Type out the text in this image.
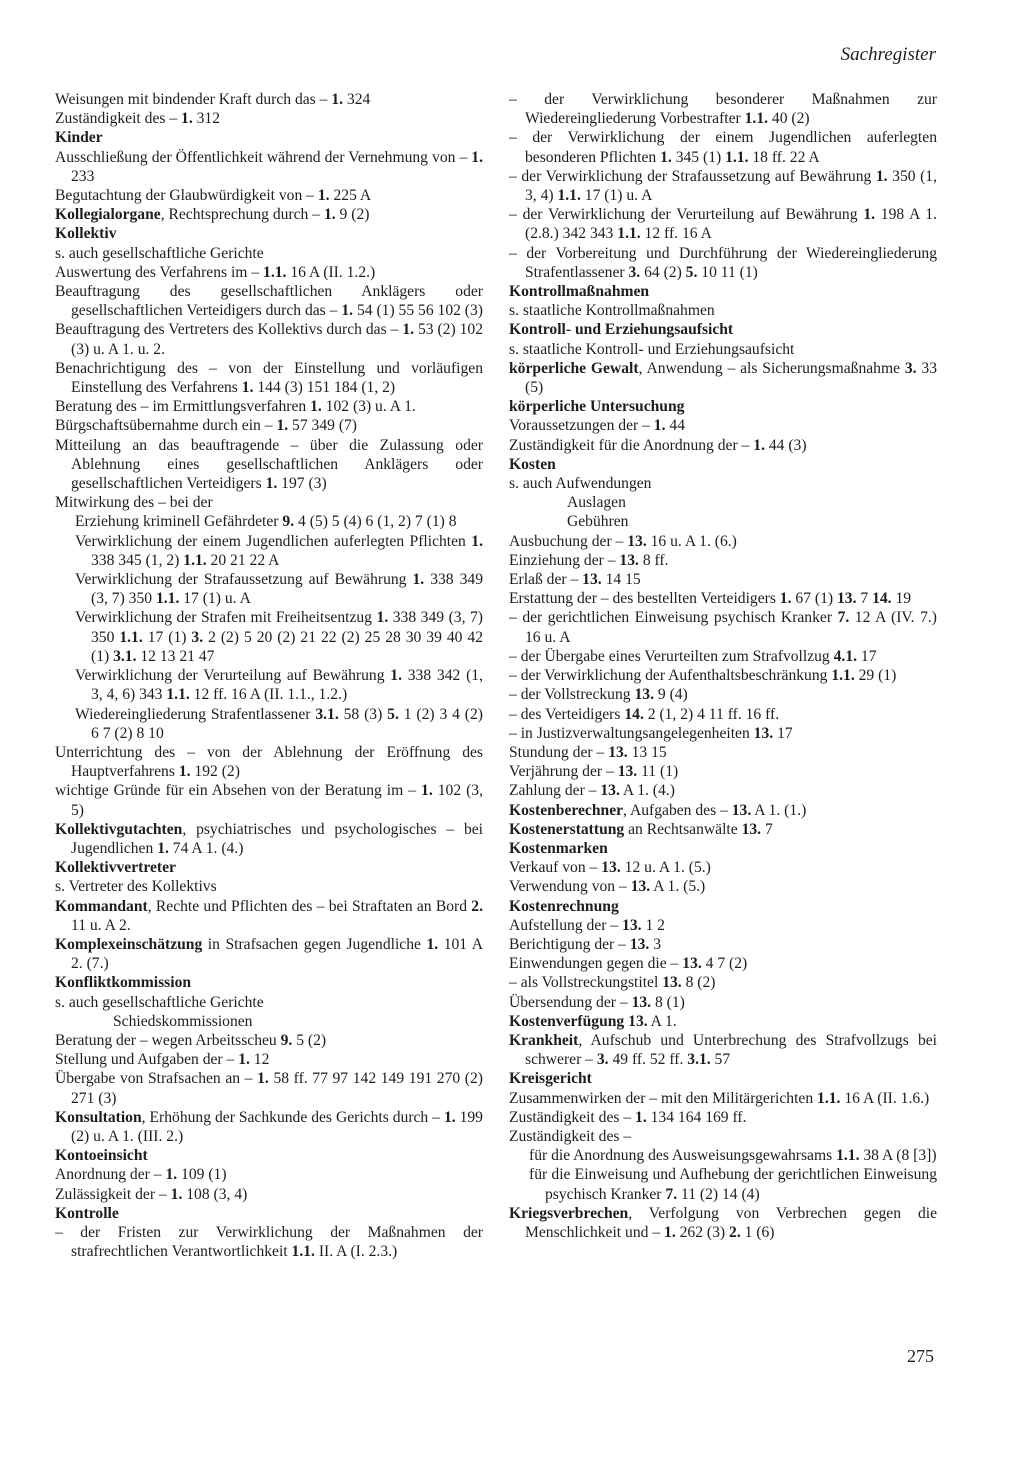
Sachregister
Weisungen mit bindender Kraft durch das – 1. 324
Zuständigkeit des – 1. 312
Kinder
Ausschließung der Öffentlichkeit während der Vernehmung von – 1. 233
Begutachtung der Glaubwürdigkeit von – 1. 225 A
Kollegialorgane, Rechtsprechung durch – 1. 9 (2)
Kollektiv
s. auch gesellschaftliche Gerichte
Auswertung des Verfahrens im – 1.1. 16 A (II. 1.2.)
Beauftragung des gesellschaftlichen Anklägers oder gesellschaftlichen Verteidigers durch das – 1. 54 (1) 55 56 102 (3)
Beauftragung des Vertreters des Kollektivs durch das – 1. 53 (2) 102 (3) u. A 1. u. 2.
Benachrichtigung des – von der Einstellung und vorläufigen Einstellung des Verfahrens 1. 144 (3) 151 184 (1, 2)
Beratung des – im Ermittlungsverfahren 1. 102 (3) u. A 1.
Bürgschaftsübernahme durch ein – 1. 57 349 (7)
Mitteilung an das beauftragende – über die Zulassung oder Ablehnung eines gesellschaftlichen Anklägers oder gesellschaftlichen Verteidigers 1. 197 (3)
Mitwirkung des – bei der
Erziehung kriminell Gefährdeter 9. 4 (5) 5 (4) 6 (1, 2) 7 (1) 8
Verwirklichung der einem Jugendlichen auferlegten Pflichten 1. 338 345 (1, 2) 1.1. 20 21 22 A
Verwirklichung der Strafaussetzung auf Bewährung 1. 338 349 (3, 7) 350 1.1. 17 (1) u. A
Verwirklichung der Strafen mit Freiheitsentzug 1. 338 349 (3, 7) 350 1.1. 17 (1) 3. 2 (2) 5 20 (2) 21 22 (2) 25 28 30 39 40 42 (1) 3.1. 12 13 21 47
Verwirklichung der Verurteilung auf Bewährung 1. 338 342 (1, 3, 4, 6) 343 1.1. 12 ff. 16 A (II. 1.1., 1.2.)
Wiedereingliederung Strafentlassener 3.1. 58 (3) 5. 1 (2) 3 4 (2) 6 7 (2) 8 10
Unterrichtung des – von der Ablehnung der Eröffnung des Hauptverfahrens 1. 192 (2)
wichtige Gründe für ein Absehen von der Beratung im – 1. 102 (3, 5)
Kollektivgutachten, psychiatrisches und psychologisches – bei Jugendlichen 1. 74 A 1. (4.)
Kollektivvertreter
s. Vertreter des Kollektivs
Kommandant, Rechte und Pflichten des – bei Straftaten an Bord 2. 11 u. A 2.
Komplexeinschätzung in Strafsachen gegen Jugendliche 1. 101 A 2. (7.)
Konfliktkommission
s. auch gesellschaftliche Gerichte
Schiedskommissionen
Beratung der – wegen Arbeitsscheu 9. 5 (2)
Stellung und Aufgaben der – 1. 12
Übergabe von Strafsachen an – 1. 58 ff. 77 97 142 149 191 270 (2) 271 (3)
Konsultation, Erhöhung der Sachkunde des Gerichts durch – 1. 199 (2) u. A 1. (III. 2.)
Kontoeinsicht
Anordnung der – 1. 109 (1)
Zulässigkeit der – 1. 108 (3, 4)
Kontrolle
– der Fristen zur Verwirklichung der Maßnahmen der strafrechtlichen Verantwortlichkeit 1.1. II. A (I. 2.3.)
– der Verwirklichung besonderer Maßnahmen zur Wiedereingliederung Vorbestrafter 1.1. 40 (2)
– der Verwirklichung der einem Jugendlichen auferlegten besonderen Pflichten 1. 345 (1) 1.1. 18 ff. 22 A
– der Verwirklichung der Strafaussetzung auf Bewährung 1. 350 (1, 3, 4) 1.1. 17 (1) u. A
– der Verwirklichung der Verurteilung auf Bewährung 1. 198 A 1. (2.8.) 342 343 1.1. 12 ff. 16 A
– der Vorbereitung und Durchführung der Wiedereingliederung Strafentlassener 3. 64 (2) 5. 10 11 (1)
Kontrollmaßnahmen
s. staatliche Kontrollmaßnahmen
Kontroll- und Erziehungsaufsicht
s. staatliche Kontroll- und Erziehungsaufsicht
körperliche Gewalt, Anwendung – als Sicherungsmaßnahme 3. 33 (5)
körperliche Untersuchung
Voraussetzungen der – 1. 44
Zuständigkeit für die Anordnung der – 1. 44 (3)
Kosten
s. auch Aufwendungen
Auslagen
Gebühren
Ausbuchung der – 13. 16 u. A 1. (6.)
Einziehung der – 13. 8 ff.
Erlaß der – 13. 14 15
Erstattung der – des bestellten Verteidigers 1. 67 (1) 13. 7 14. 19
– der gerichtlichen Einweisung psychisch Kranker 7. 12 A (IV. 7.) 16 u. A
– der Übergabe eines Verurteilten zum Strafvollzug 4.1. 17
– der Verwirklichung der Aufenthaltsbeschränkung 1.1. 29 (1)
– der Vollstreckung 13. 9 (4)
– des Verteidigers 14. 2 (1, 2) 4 11 ff. 16 ff.
– in Justizverwaltungsangelegenheiten 13. 17
Stundung der – 13. 13 15
Verjährung der – 13. 11 (1)
Zahlung der – 13. A 1. (4.)
Kostenberechner, Aufgaben des – 13. A 1. (1.)
Kostenerstattung an Rechtsanwälte 13. 7
Kostenmarken
Verkauf von – 13. 12 u. A 1. (5.)
Verwendung von – 13. A 1. (5.)
Kostenrechnung
Aufstellung der – 13. 1 2
Berichtigung der – 13. 3
Einwendungen gegen die – 13. 4 7 (2)
– als Vollstreckungstitel 13. 8 (2)
Übersendung der – 13. 8 (1)
Kostenverfügung 13. A 1.
Krankheit, Aufschub und Unterbrechung des Strafvollzugs bei schwerer – 3. 49 ff. 52 ff. 3.1. 57
Kreisgericht
Zusammenwirken der – mit den Militärgerichten 1.1. 16 A (II. 1.6.)
Zuständigkeit des – 1. 134 164 169 ff.
Zuständigkeit des –
für die Anordnung des Ausweisungsgewahrsams 1.1. 38 A (8 [3])
für die Einweisung und Aufhebung der gerichtlichen Einweisung psychisch Kranker 7. 11 (2) 14 (4)
Kriegsverbrechen, Verfolgung von Verbrechen gegen die Menschlichkeit und – 1. 262 (3) 2. 1 (6)
275
